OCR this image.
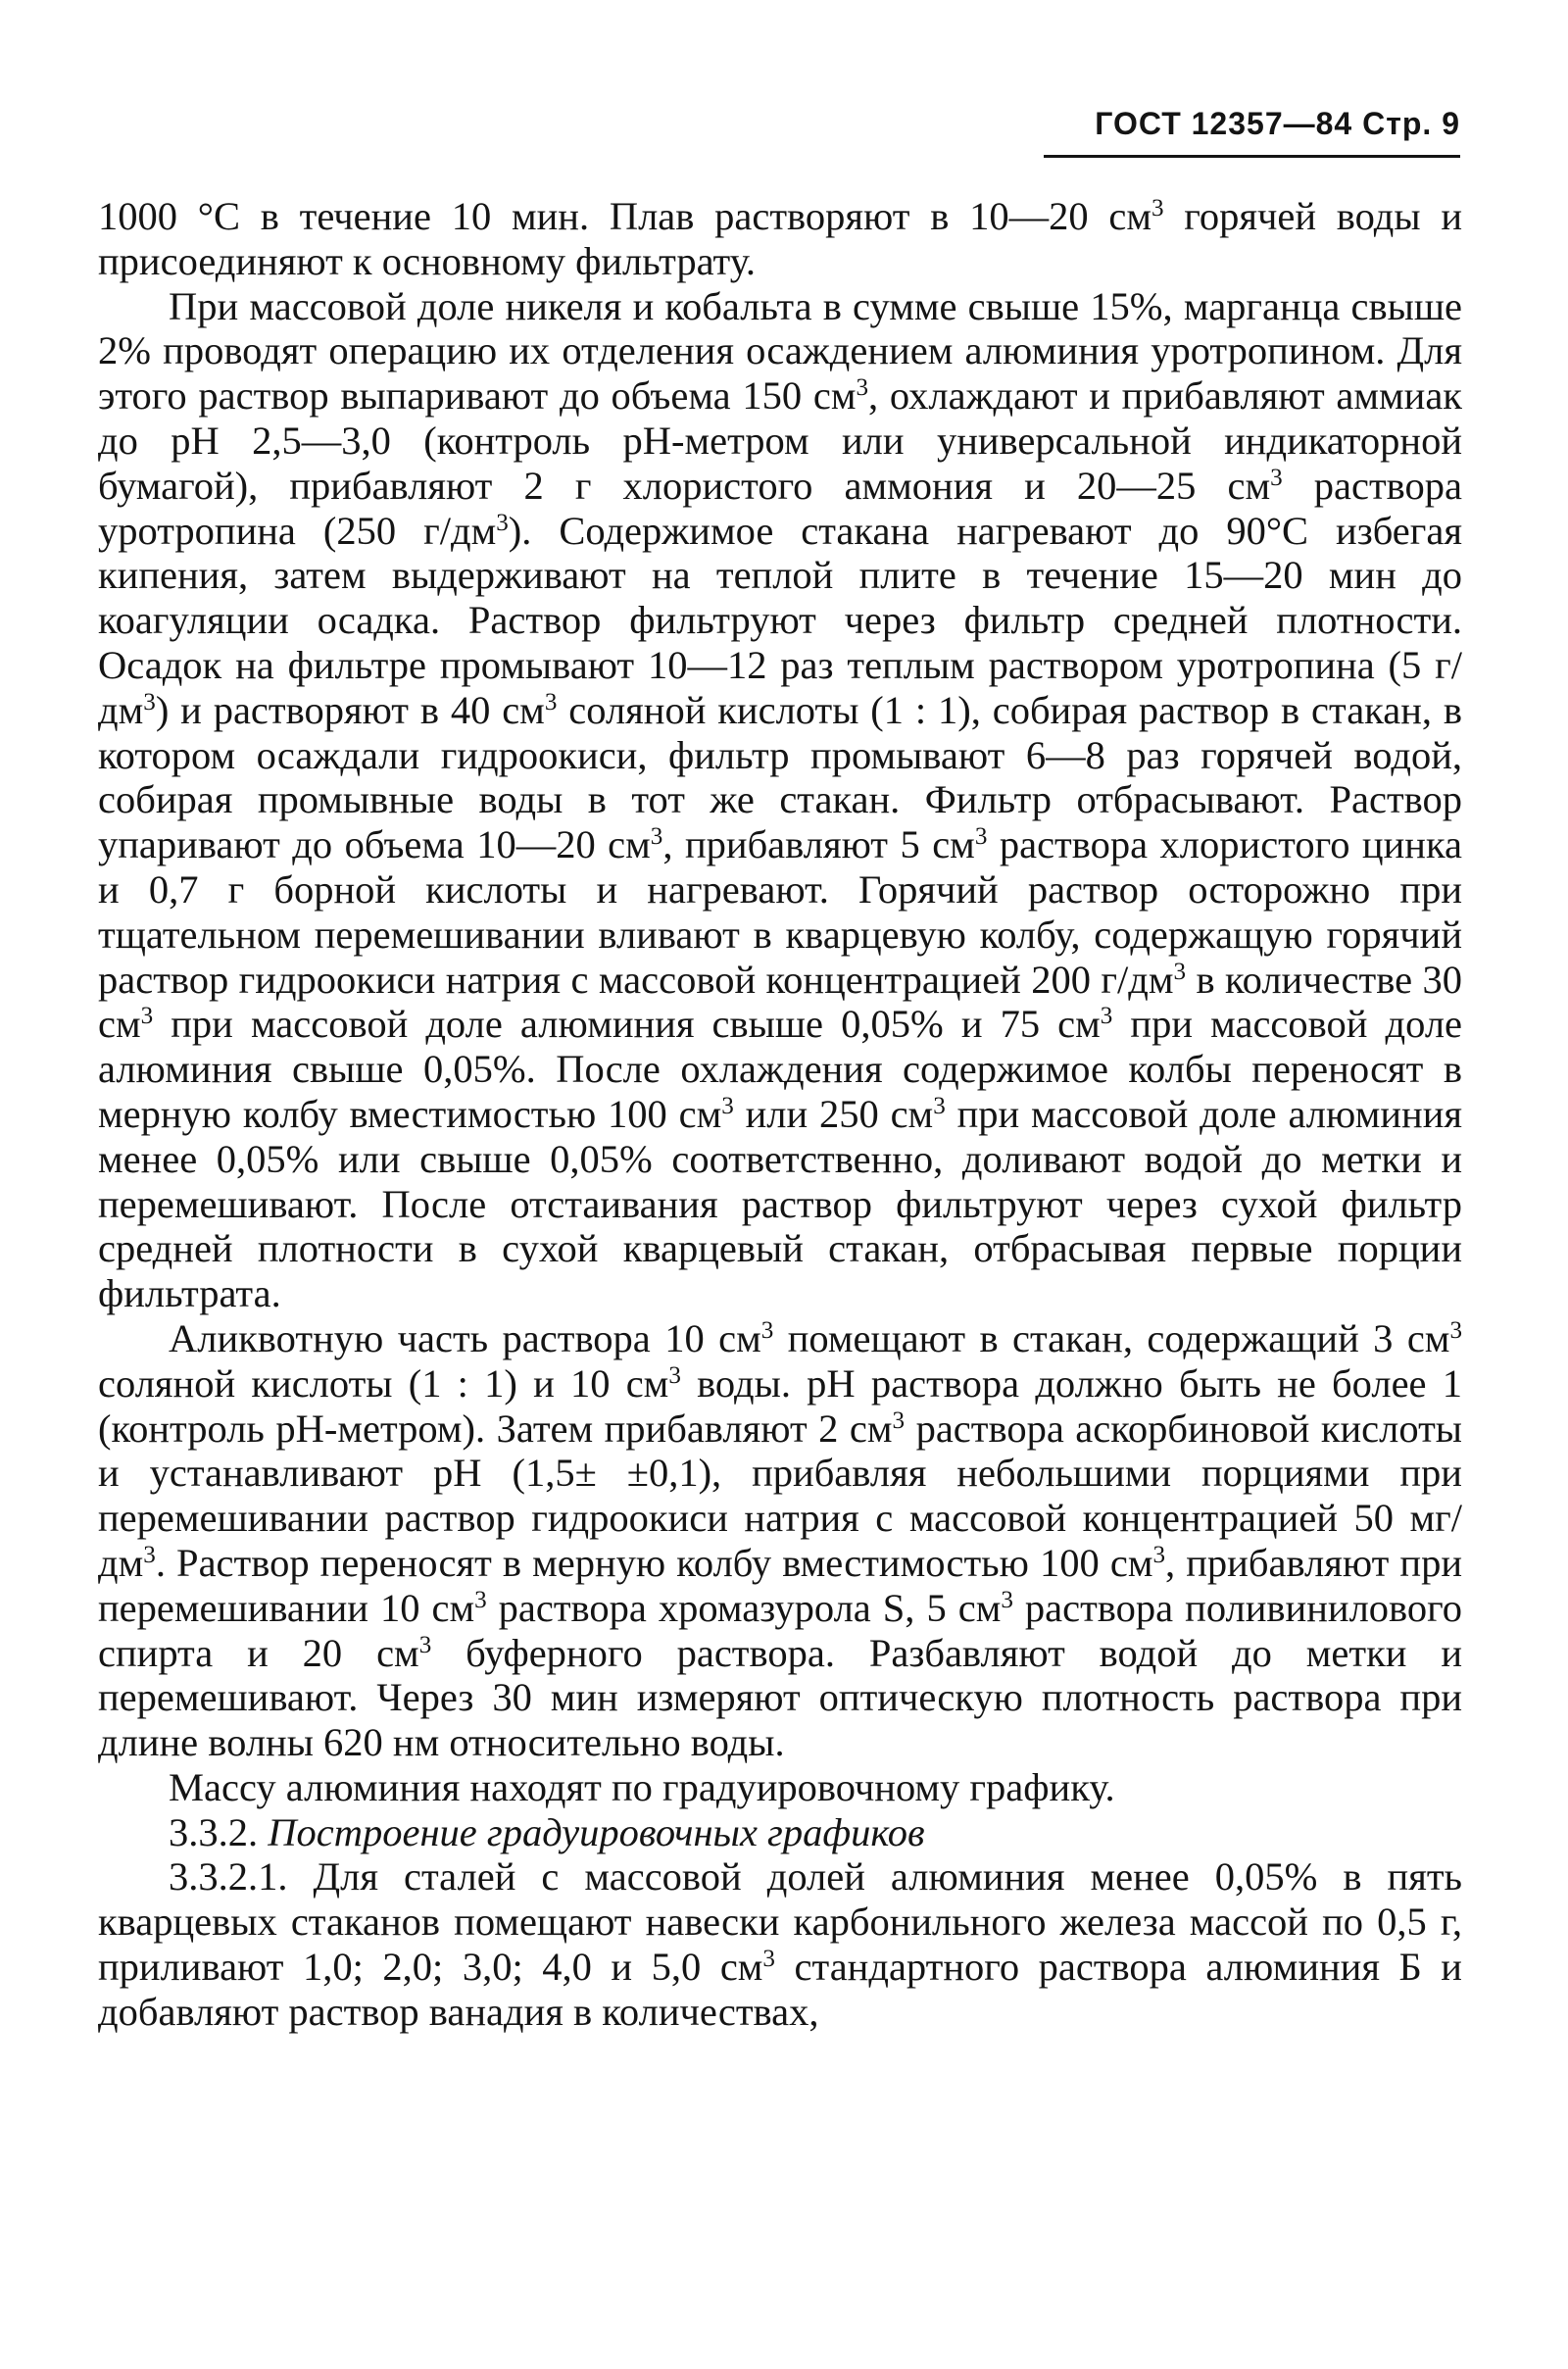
ГОСТ 12357—84 Стр. 9

1000 °С в течение 10 мин. Плав растворяют в 10—20 $см^3$ горячей воды и присоединяют к основному фильтрату.

При массовой доле никеля и кобальта в сумме свыше 15%, марганца свыше 2% проводят операцию их отделения осаждением алюминия уротропином. Для этого раствор выпаривают до объема 150 $см^3$, охлаждают и прибавляют аммиак до рН 2,5—3,0 (контроль рН-метром или универсальной индикаторной бумагой), прибавляют 2 г хлористого аммония и 20—25 $см^3$ раствора уротропина (250 $г/дм^3$). Содержимое стакана нагревают до 90°С избегая кипения, затем выдерживают на теплой плите в течение 15—20 мин до коагуляции осадка. Раствор фильтруют через фильтр средней плотности. Осадок на фильтре промывают 10—12 раз теплым раствором уротропина (5 $г/дм^3$) и растворяют в 40 $см^3$ соляной кислоты (1 : 1), собирая раствор в стакан, в котором осаждали гидроокиси, фильтр промывают 6—8 раз горячей водой, собирая промывные воды в тот же стакан. Фильтр отбрасывают. Раствор упаривают до объема 10—20 $см^3$, прибавляют 5 $см^3$ раствора хлористого цинка и 0,7 г борной кислоты и нагревают. Горячий раствор осторожно при тщательном перемешивании вливают в кварцевую колбу, содержащую горячий раствор гидроокиси натрия с массовой концентрацией 200 $г/дм^3$ в количестве 30 $см^3$ при массовой доле алюминия свыше 0,05% и 75 $см^3$ при массовой доле алюминия свыше 0,05%. После охлаждения содержимое колбы переносят в мерную колбу вместимостью 100 $см^3$ или 250 $см^3$ при массовой доле алюминия менее 0,05% или свыше 0,05% соответственно, доливают водой до метки и перемешивают. После отстаивания раствор фильтруют через сухой фильтр средней плотности в сухой кварцевый стакан, отбрасывая первые порции фильтрата.

Аликвотную часть раствора 10 $см^3$ помещают в стакан, содержащий 3 $см^3$ соляной кислоты (1 : 1) и 10 $см^3$ воды. рН раствора должно быть не более 1 (контроль рН-метром). Затем прибавляют 2 $см^3$ раствора аскорбиновой кислоты и устанавливают рН (1,5± ±0,1), прибавляя небольшими порциями при перемешивании раствор гидроокиси натрия с массовой концентрацией 50 $мг/дм^3$. Раствор переносят в мерную колбу вместимостью 100 $см^3$, прибавляют при перемешивании 10 $см^3$ раствора хромазурола S, 5 $см^3$ раствора поливинилового спирта и 20 $см^3$ буферного раствора. Разбавляют водой до метки и перемешивают. Через 30 мин измеряют оптическую плотность раствора при длине волны 620 нм относительно воды.

Массу алюминия находят по градуировочному графику.

3.3.2. Построение градуировочных графиков

3.3.2.1. Для сталей с массовой долей алюминия менее 0,05% в пять кварцевых стаканов помещают навески карбонильного железа массой по 0,5 г, приливают 1,0; 2,0; 3,0; 4,0 и 5,0 $см^3$ стандартного раствора алюминия Б и добавляют раствор ванадия в количествах,
